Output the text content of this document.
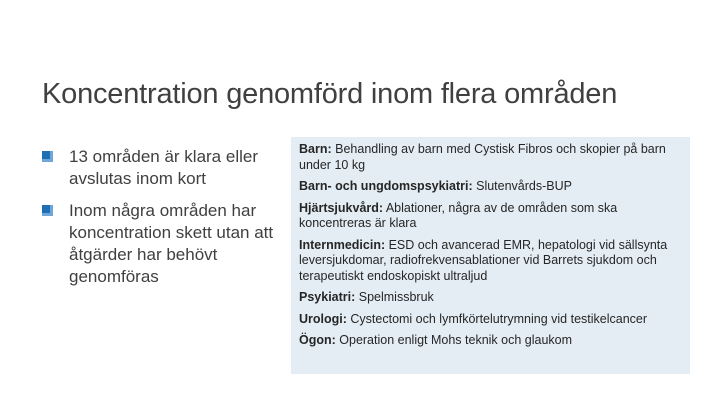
Koncentration genomförd inom flera områden
13 områden är klara eller avslutas inom kort
Inom några områden har koncentration skett utan att åtgärder har behövt genomföras

Barn: Behandling av barn med Cystisk Fibros och skopier på barn under 10 kg

Barn- och ungdomspsykiatri: Slutenvårds-BUP

Hjärtsjukvård: Ablationer, några av de områden som ska koncentreras är klara

Internmedicin: ESD och avancerad EMR, hepatologi vid sällsynta leversjukdomar, radiofrekvensablationer vid Barrets sjukdom och terapeutiskt endoskopiskt ultraljud

Psykiatri: Spelmissbruk

Urologi: Cystectomi och lymfkörtelutrymning vid testikelcancer

Ögon: Operation enligt Mohs teknik och glaukom
